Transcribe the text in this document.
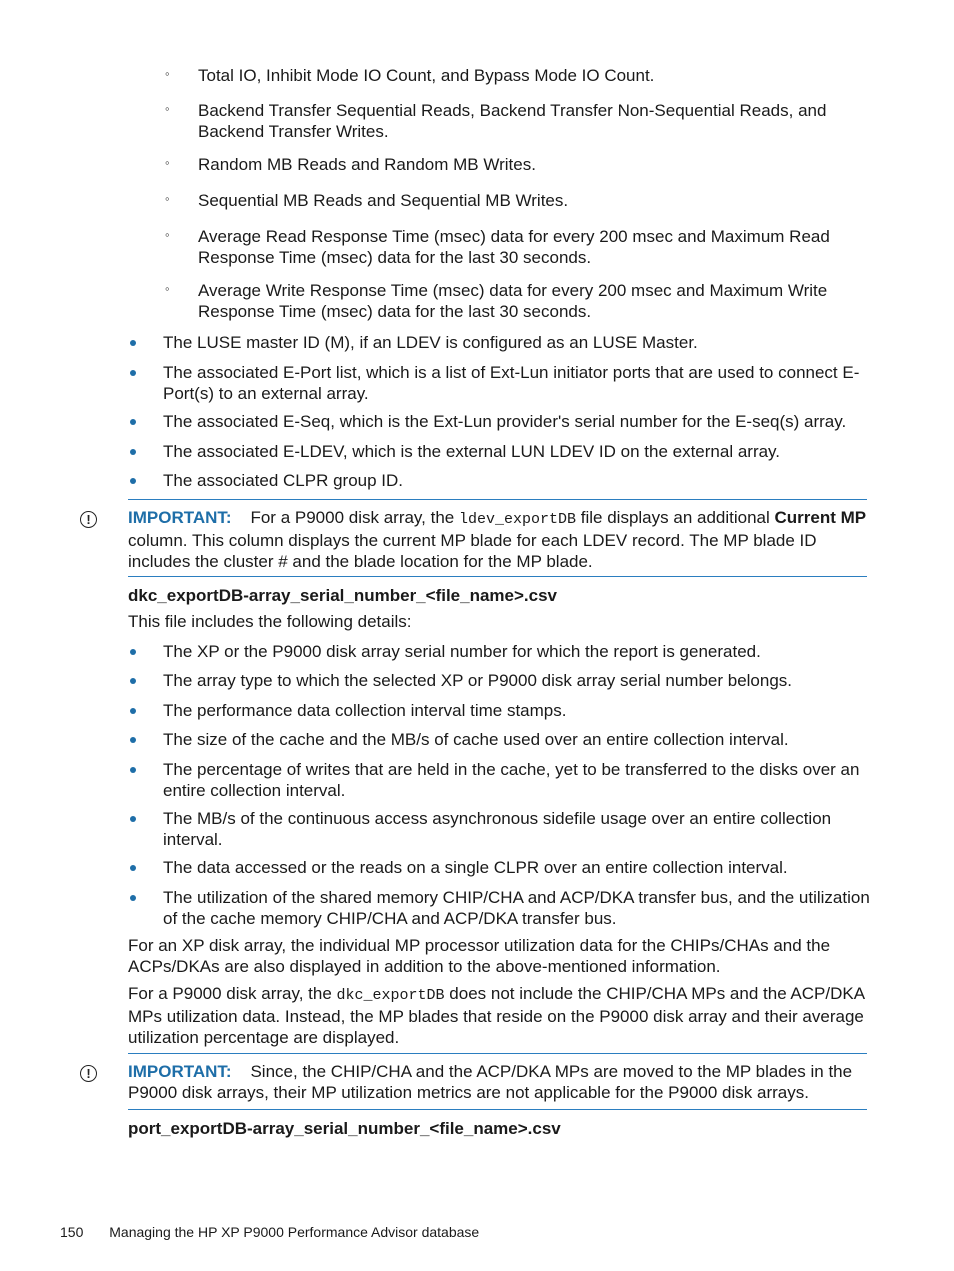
◦ Total IO, Inhibit Mode IO Count, and Bypass Mode IO Count.
◦ Backend Transfer Sequential Reads, Backend Transfer Non-Sequential Reads, and Backend Transfer Writes.
◦ Random MB Reads and Random MB Writes.
◦ Sequential MB Reads and Sequential MB Writes.
◦ Average Read Response Time (msec) data for every 200 msec and Maximum Read Response Time (msec) data for the last 30 seconds.
◦ Average Write Response Time (msec) data for every 200 msec and Maximum Write Response Time (msec) data for the last 30 seconds.
The LUSE master ID (M), if an LDEV is configured as an LUSE Master.
The associated E-Port list, which is a list of Ext-Lun initiator ports that are used to connect E-Port(s) to an external array.
The associated E-Seq, which is the Ext-Lun provider's serial number for the E-seq(s) array.
The associated E-LDEV, which is the external LUN LDEV ID on the external array.
The associated CLPR group ID.
!
IMPORTANT: For a P9000 disk array, the ldev_exportDB file displays an additional Current MP column. This column displays the current MP blade for each LDEV record. The MP blade ID includes the cluster # and the blade location for the MP blade.
dkc_exportDB-array_serial_number_<file_name>.csv
This file includes the following details:
The XP or the P9000 disk array serial number for which the report is generated.
The array type to which the selected XP or P9000 disk array serial number belongs.
The performance data collection interval time stamps.
The size of the cache and the MB/s of cache used over an entire collection interval.
The percentage of writes that are held in the cache, yet to be transferred to the disks over an entire collection interval.
The MB/s of the continuous access asynchronous sidefile usage over an entire collection interval.
The data accessed or the reads on a single CLPR over an entire collection interval.
The utilization of the shared memory CHIP/CHA and ACP/DKA transfer bus, and the utilization of the cache memory CHIP/CHA and ACP/DKA transfer bus.
For an XP disk array, the individual MP processor utilization data for the CHIPs/CHAs and the ACPs/DKAs are also displayed in addition to the above-mentioned information.
For a P9000 disk array, the dkc_exportDB does not include the CHIP/CHA MPs and the ACP/DKA MPs utilization data. Instead, the MP blades that reside on the P9000 disk array and their average utilization percentage are displayed.
!
IMPORTANT: Since, the CHIP/CHA and the ACP/DKA MPs are moved to the MP blades in the P9000 disk arrays, their MP utilization metrics are not applicable for the P9000 disk arrays.
port_exportDB-array_serial_number_<file_name>.csv
150 Managing the HP XP P9000 Performance Advisor database
